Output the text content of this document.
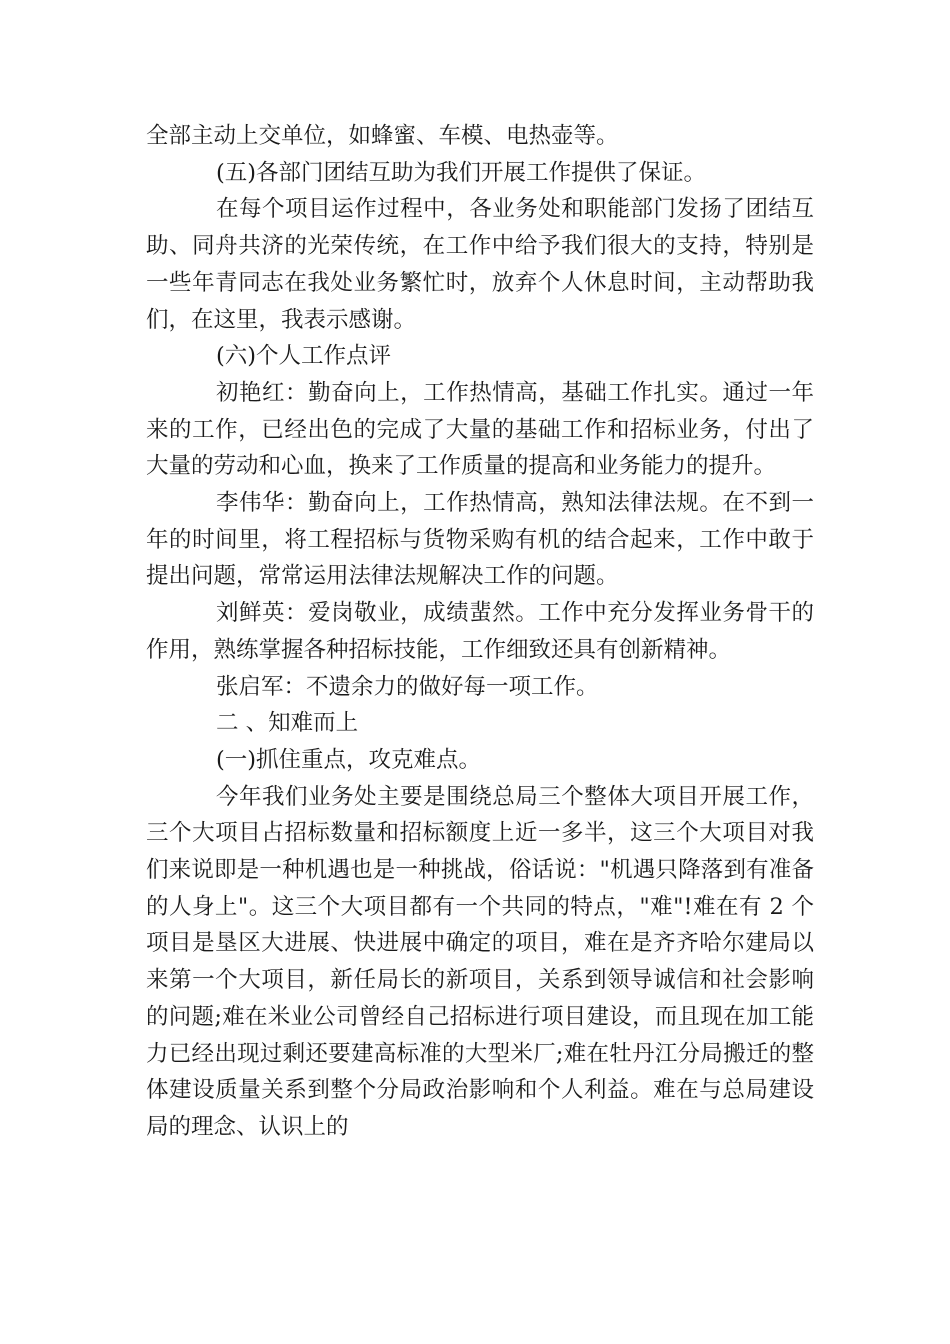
全部主动上交单位，如蜂蜜、车模、电热壶等。

(五)各部门团结互助为我们开展工作提供了保证。

在每个项目运作过程中，各业务处和职能部门发扬了团结互助、同舟共济的光荣传统，在工作中给予我们很大的支持，特别是一些年青同志在我处业务繁忙时，放弃个人休息时间，主动帮助我们，在这里，我表示感谢。

(六)个人工作点评

初艳红：勤奋向上，工作热情高，基础工作扎实。通过一年来的工作，已经出色的完成了大量的基础工作和招标业务，付出了大量的劳动和心血，换来了工作质量的提高和业务能力的提升。

李伟华：勤奋向上，工作热情高，熟知法律法规。在不到一年的时间里，将工程招标与货物采购有机的结合起来，工作中敢于提出问题，常常运用法律法规解决工作的问题。

刘鲜英：爱岗敬业，成绩蜚然。工作中充分发挥业务骨干的作用，熟练掌握各种招标技能，工作细致还具有创新精神。

张启军：不遗余力的做好每一项工作。

二 、知难而上

(一)抓住重点，攻克难点。

今年我们业务处主要是围绕总局三个整体大项目开展工作，三个大项目占招标数量和招标额度上近一多半，这三个大项目对我们来说即是一种机遇也是一种挑战，俗话说："机遇只降落到有准备的人身上"。这三个大项目都有一个共同的特点，"难"!难在有 2 个项目是垦区大进展、快进展中确定的项目，难在是齐齐哈尔建局以来第一个大项目，新任局长的新项目，关系到领导诚信和社会影响的问题;难在米业公司曾经自己招标进行项目建设，而且现在加工能力已经出现过剩还要建高标准的大型米厂;难在牡丹江分局搬迁的整体建设质量关系到整个分局政治影响和个人利益。难在与总局建设局的理念、认识上的
